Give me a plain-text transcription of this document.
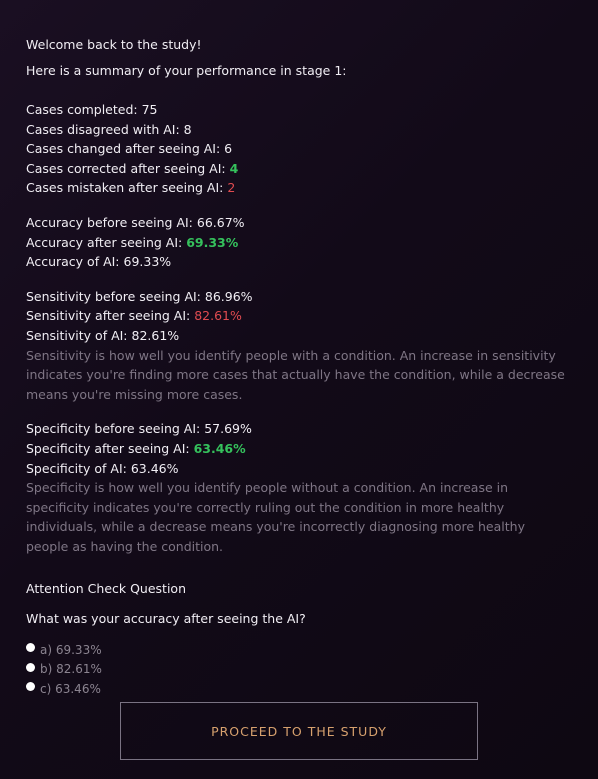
Welcome back to the study!
Here is a summary of your performance in stage 1:
Cases completed: 75
Cases disagreed with AI: 8
Cases changed after seeing AI: 6
Cases corrected after seeing AI: 4
Cases mistaken after seeing AI: 2
Accuracy before seeing AI: 66.67%
Accuracy after seeing AI: 69.33%
Accuracy of AI: 69.33%
Sensitivity before seeing AI: 86.96%
Sensitivity after seeing AI: 82.61%
Sensitivity of AI: 82.61%
Sensitivity is how well you identify people with a condition. An increase in sensitivity indicates you're finding more cases that actually have the condition, while a decrease means you're missing more cases.
Specificity before seeing AI: 57.69%
Specificity after seeing AI: 63.46%
Specificity of AI: 63.46%
Specificity is how well you identify people without a condition. An increase in specificity indicates you're correctly ruling out the condition in more healthy individuals, while a decrease means you're incorrectly diagnosing more healthy people as having the condition.
Attention Check Question
What was your accuracy after seeing the AI?
a) 69.33%
b) 82.61%
c) 63.46%
PROCEED TO THE STUDY
